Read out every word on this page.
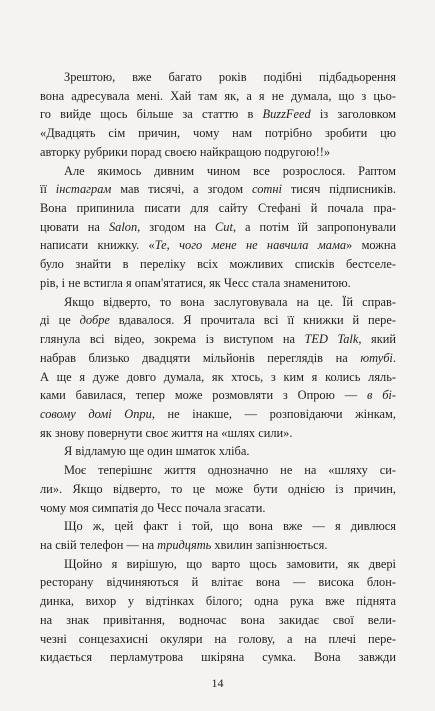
Зрештою, вже багато років подібні підбадьорення
вона адресувала мені. Хай там як, а я не думала, що з цьо-
го вийде щось більше за статтю в BuzzFeed із заголовком
«Двадцять сім причин, чому нам потрібно зробити цю
авторку рубрики порад своєю найкращою подругою!!»
Але якимось дивним чином все розрослося. Раптом
її інстаграм мав тисячі, а згодом сотні тисяч підписників.
Вона припинила писати для сайту Стефані й почала пра-
цювати на Salon, згодом на Cut, а потім їй запропонували
написати книжку. «Те, чого мене не навчила мама» можна
було знайти в переліку всіх можливих списків бестселе-
рів, і не встигла я опам'ятатися, як Чесс стала знаменитою.
Якщо відверто, то вона заслуговувала на це. Їй справ-
ді це добре вдавалося. Я прочитала всі її книжки й пере-
глянула всі відео, зокрема із виступом на TED Talk, який
набрав близько двадцяти мільйонів переглядів на ютубі.
А ще я дуже довго думала, як хтось, з ким я колись ляль-
ками бавилася, тепер може розмовляти з Опрою — в бі-
совому домі Опри, не інакше, — розповідаючи жінкам,
як знову повернути своє життя на «шлях сили».
Я відламую ще один шматок хліба.
Моє теперішнє життя однозначно не на «шляху си-
ли». Якщо відверто, то це може бути однією із причин,
чому моя симпатія до Чесс почала згасати.
Що ж, цей факт і той, що вона вже — я дивлюся
на свій телефон — на тридцять хвилин запізнюється.
Щойно я вирішую, що варто щось замовити, як двері
ресторану відчиняються й влітає вона — висока блон-
динка, вихор у відтінках білого; одна рука вже піднята
на знак привітання, водночас вона закидає свої вели-
чезні сонцезахисні окуляри на голову, а на плечі пере-
кидається перламутрова шкіряна сумка. Вона завжди
14
